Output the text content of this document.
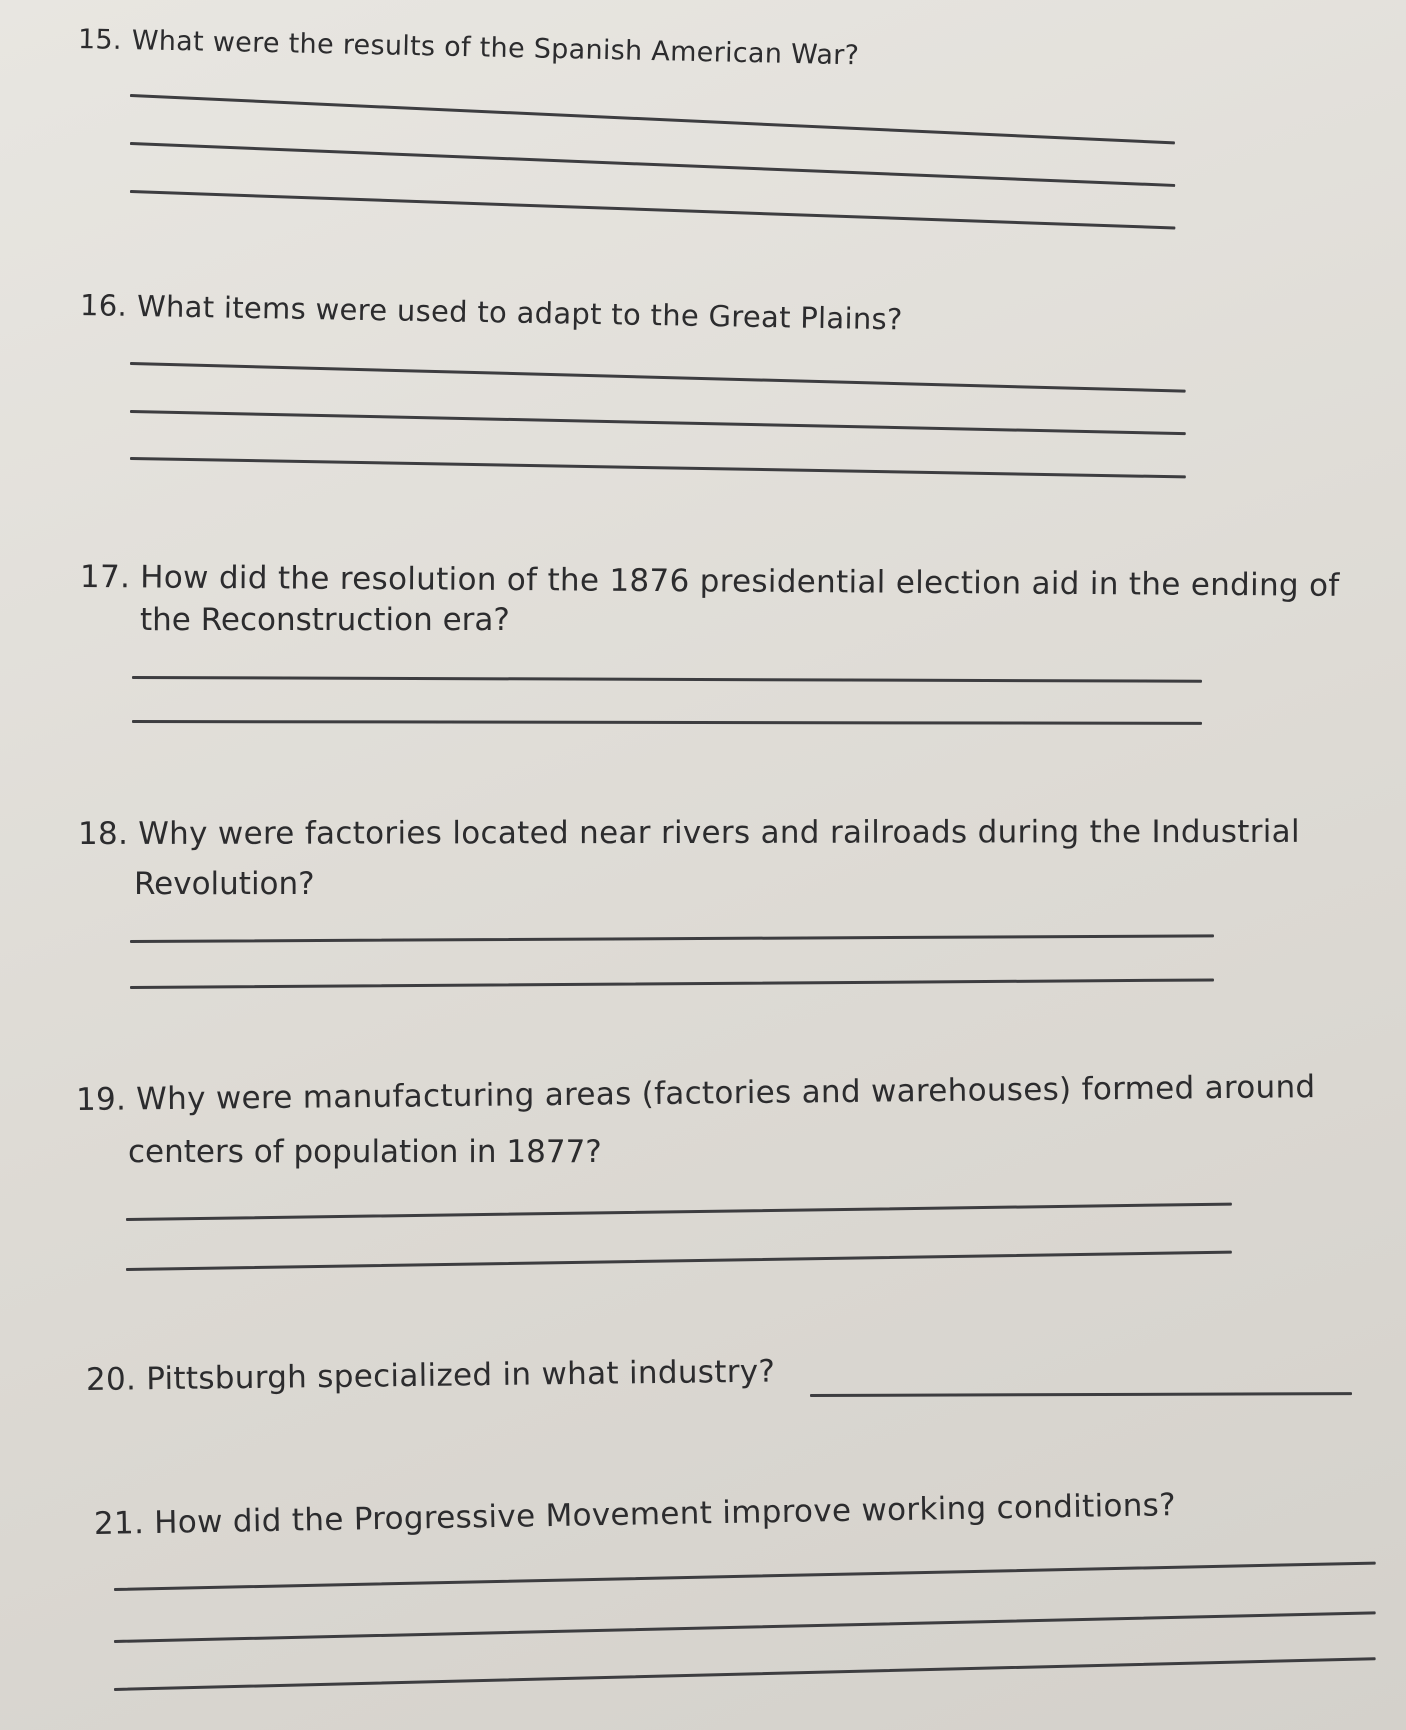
15. What were the results of the Spanish American War?
16. What items were used to adapt to the Great Plains?
17. How did the resolution of the 1876 presidential election aid in the ending of
the Reconstruction era?
18. Why were factories located near rivers and railroads during the Industrial
Revolution?
19. Why were manufacturing areas (factories and warehouses) formed around
centers of population in 1877?
20. Pittsburgh specialized in what industry?
21. How did the Progressive Movement improve working conditions?
